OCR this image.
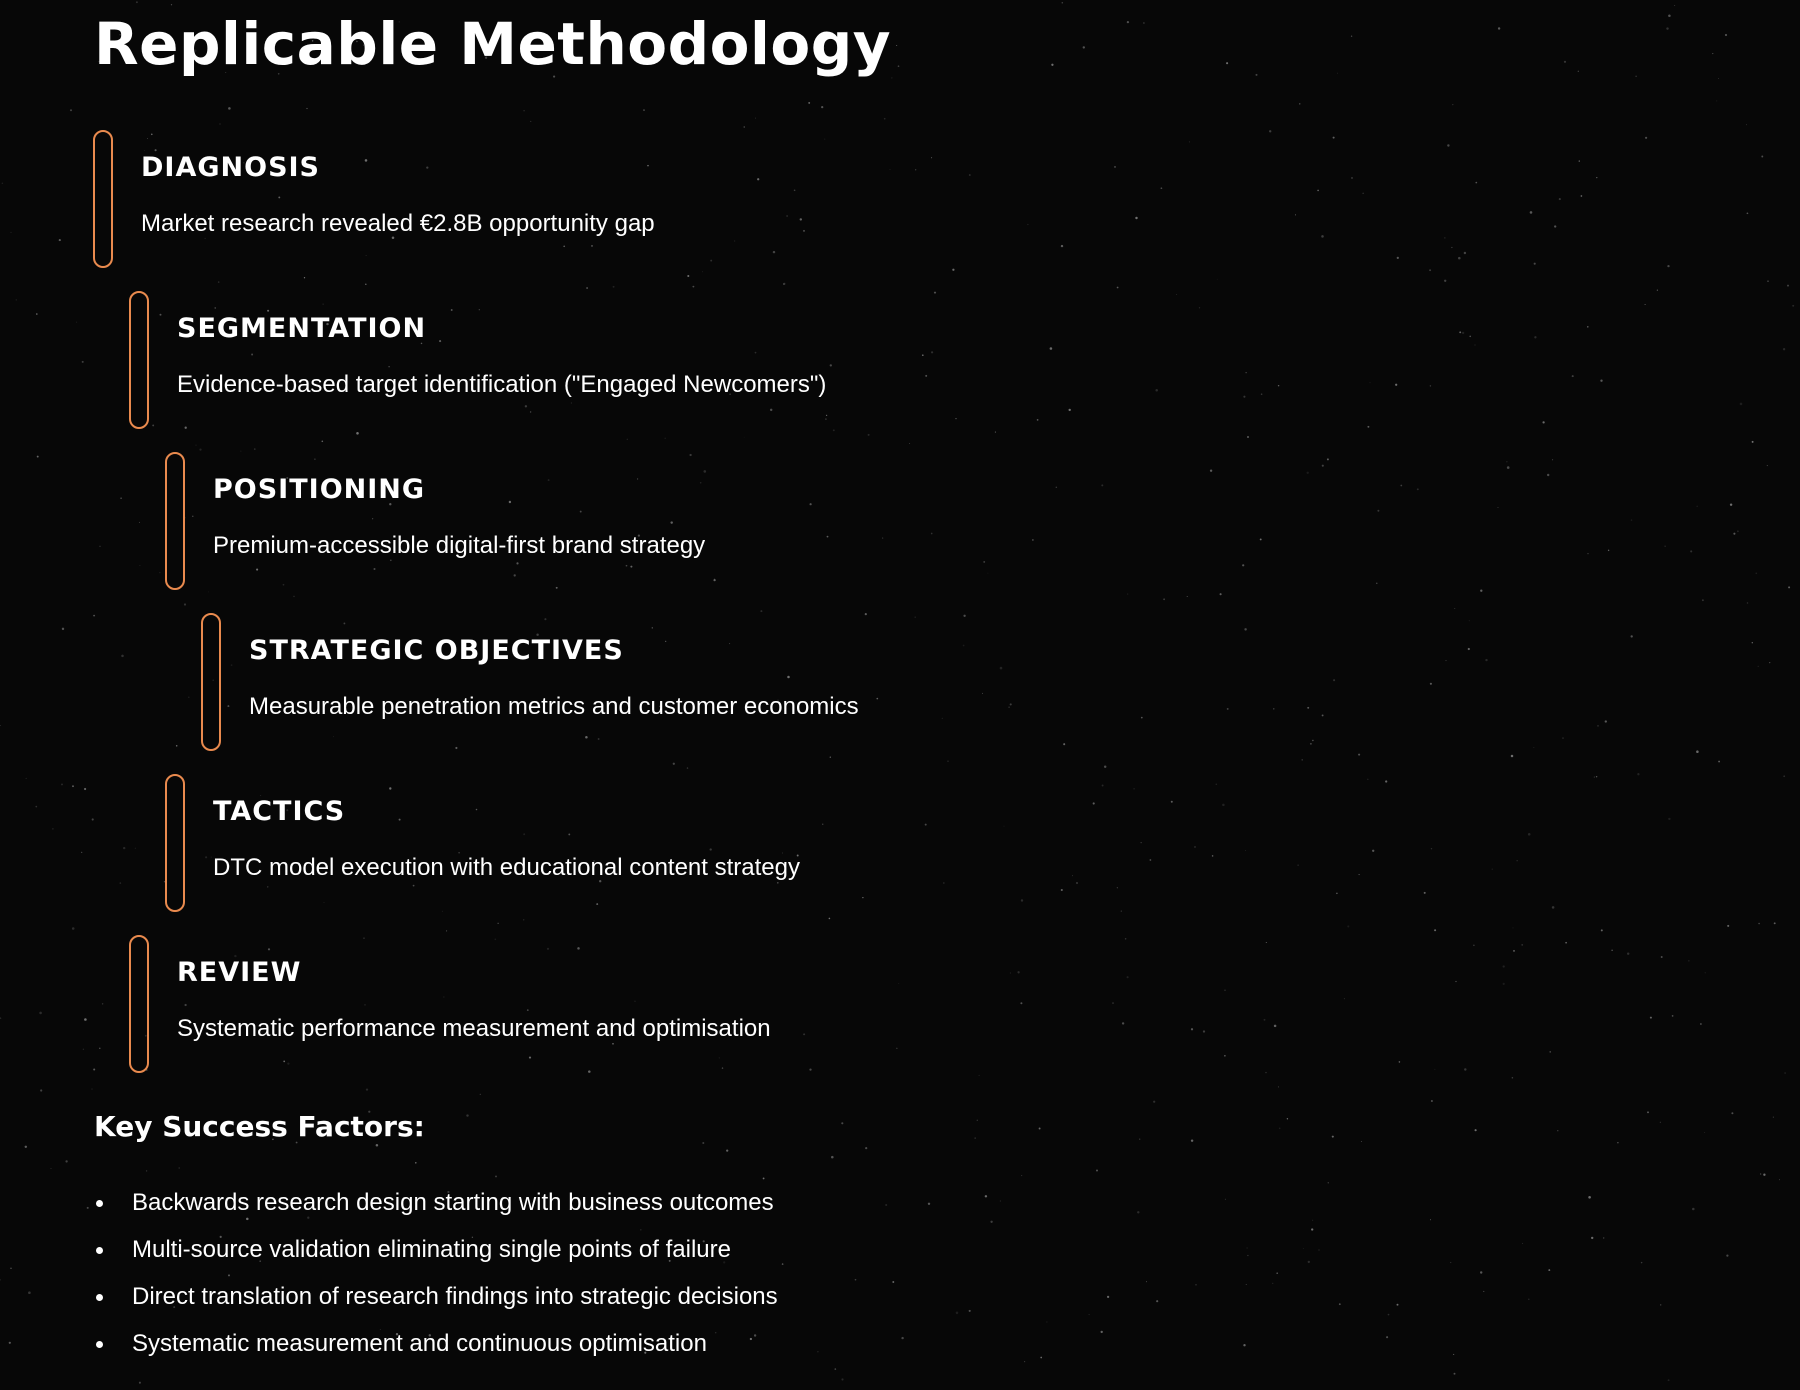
Replicable Methodology
DIAGNOSIS
Market research revealed €2.8B opportunity gap
SEGMENTATION
Evidence-based target identification ("Engaged Newcomers")
POSITIONING
Premium-accessible digital-first brand strategy
STRATEGIC OBJECTIVES
Measurable penetration metrics and customer economics
TACTICS
DTC model execution with educational content strategy
REVIEW
Systematic performance measurement and optimisation
Key Success Factors:
Backwards research design starting with business outcomes
Multi-source validation eliminating single points of failure
Direct translation of research findings into strategic decisions
Systematic measurement and continuous optimisation
